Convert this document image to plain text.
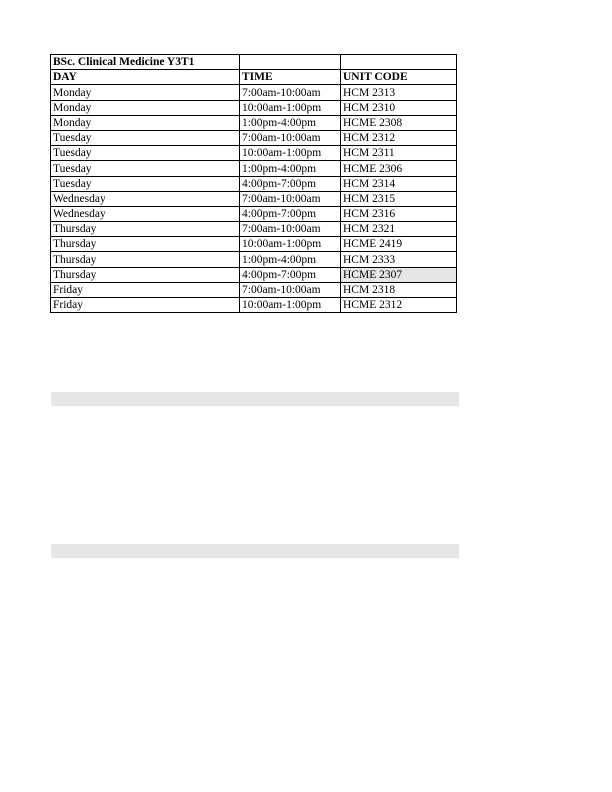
BSc. Clinical Medicine Y3T1		
DAY	TIME	UNIT CODE
Monday	7:00am-10:00am	HCM 2313
Monday	10:00am-1:00pm	HCM 2310
Monday	1:00pm-4:00pm	HCME 2308
Tuesday	7:00am-10:00am	HCM 2312
Tuesday	10:00am-1:00pm	HCM 2311
Tuesday	1:00pm-4:00pm	HCME 2306
Tuesday	4:00pm-7:00pm	HCM 2314
Wednesday	7:00am-10:00am	HCM 2315
Wednesday	4:00pm-7:00pm	HCM 2316
Thursday	7:00am-10:00am	HCM 2321
Thursday	10:00am-1:00pm	HCME 2419
Thursday	1:00pm-4:00pm	HCM 2333
Thursday	4:00pm-7:00pm	HCME 2307
Friday	7:00am-10:00am	HCM 2318
Friday	10:00am-1:00pm	HCME 2312
